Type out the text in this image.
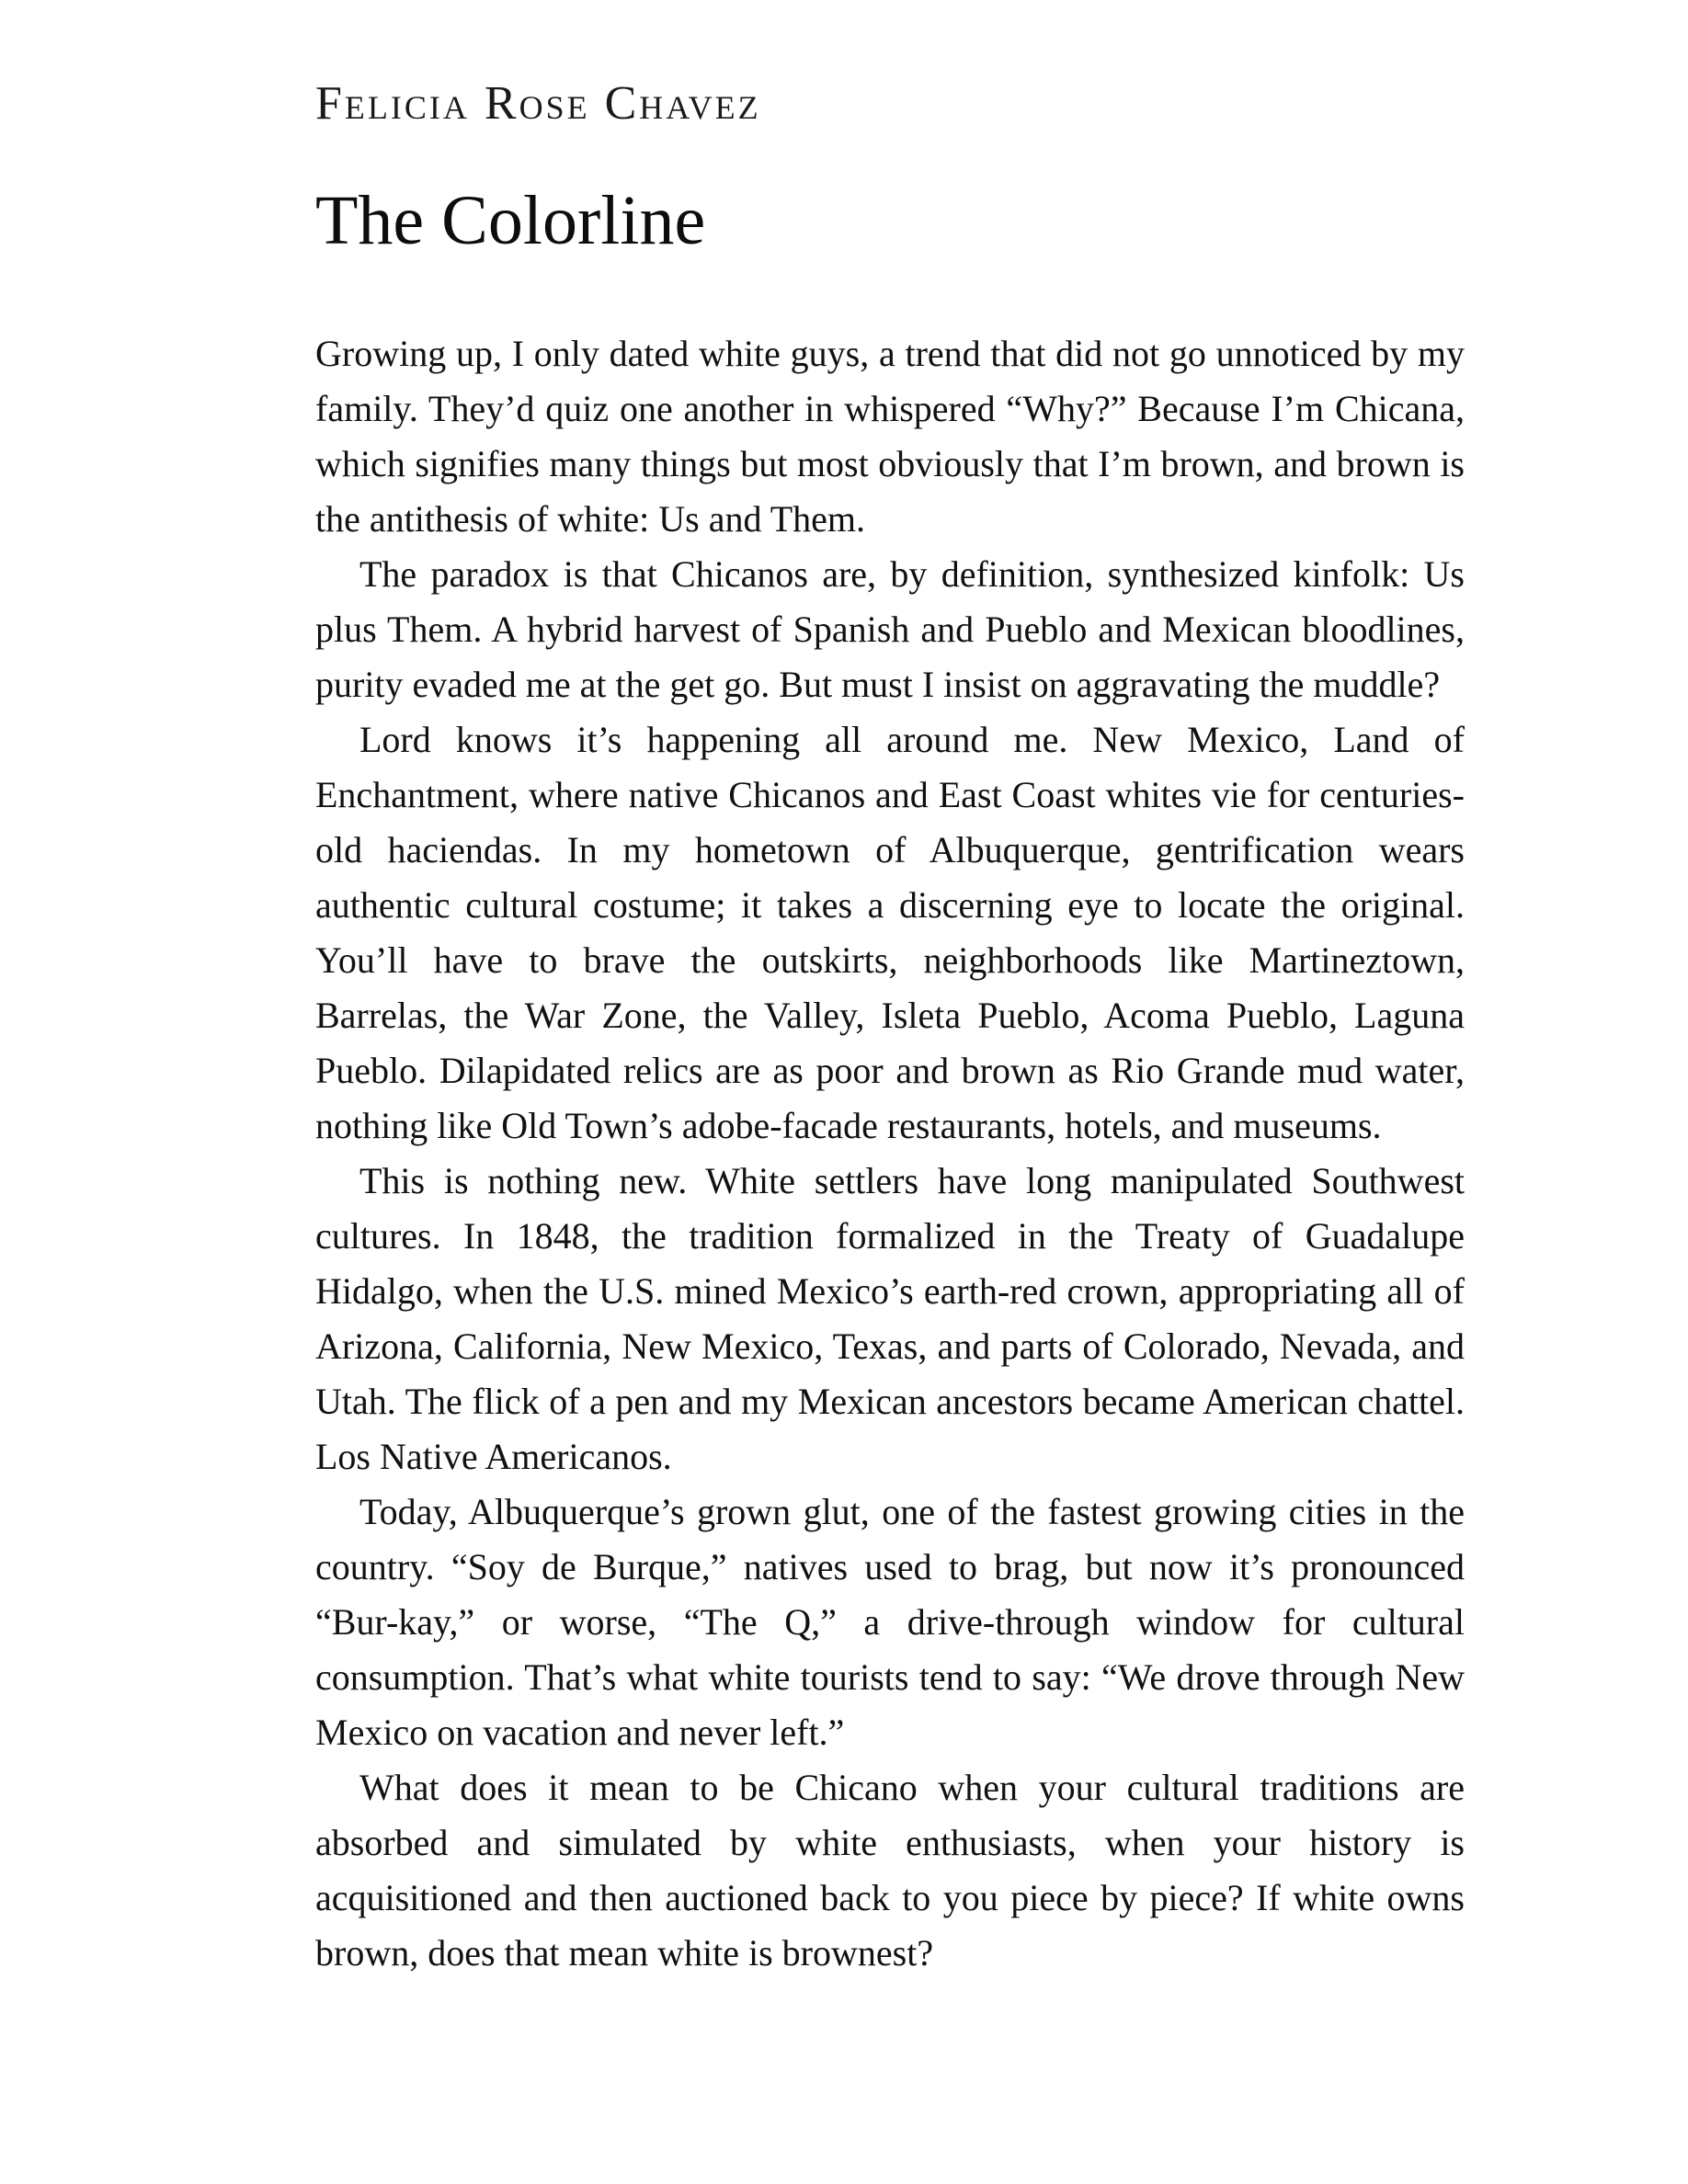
Felicia Rose Chavez
The Colorline

Growing up, I only dated white guys, a trend that did not go unnoticed by my family. They’d quiz one another in whispered “Why?” Because I’m Chicana, which signifies many things but most obviously that I’m brown, and brown is the antithesis of white: Us and Them.

The paradox is that Chicanos are, by definition, synthesized kinfolk: Us plus Them. A hybrid harvest of Spanish and Pueblo and Mexican bloodlines, purity evaded me at the get go. But must I insist on aggravating the muddle?

Lord knows it’s happening all around me. New Mexico, Land of Enchantment, where native Chicanos and East Coast whites vie for centuries-old haciendas. In my hometown of Albuquerque, gentrification wears authentic cultural costume; it takes a discerning eye to locate the original. You’ll have to brave the outskirts, neighborhoods like Martineztown, Barrelas, the War Zone, the Valley, Isleta Pueblo, Acoma Pueblo, Laguna Pueblo. Dilapidated relics are as poor and brown as Rio Grande mud water, nothing like Old Town’s adobe-facade restaurants, hotels, and museums.

This is nothing new. White settlers have long manipulated Southwest cultures. In 1848, the tradition formalized in the Treaty of Guadalupe Hidalgo, when the U.S. mined Mexico’s earth-red crown, appropriating all of Arizona, California, New Mexico, Texas, and parts of Colorado, Nevada, and Utah. The flick of a pen and my Mexican ancestors became American chattel. Los Native Americanos.

Today, Albuquerque’s grown glut, one of the fastest growing cities in the country. “Soy de Burque,” natives used to brag, but now it’s pronounced “Bur-kay,” or worse, “The Q,” a drive-through window for cultural consumption. That’s what white tourists tend to say: “We drove through New Mexico on vacation and never left.”

What does it mean to be Chicano when your cultural traditions are absorbed and simulated by white enthusiasts, when your history is acquisitioned and then auctioned back to you piece by piece? If white owns brown, does that mean white is brownest?
